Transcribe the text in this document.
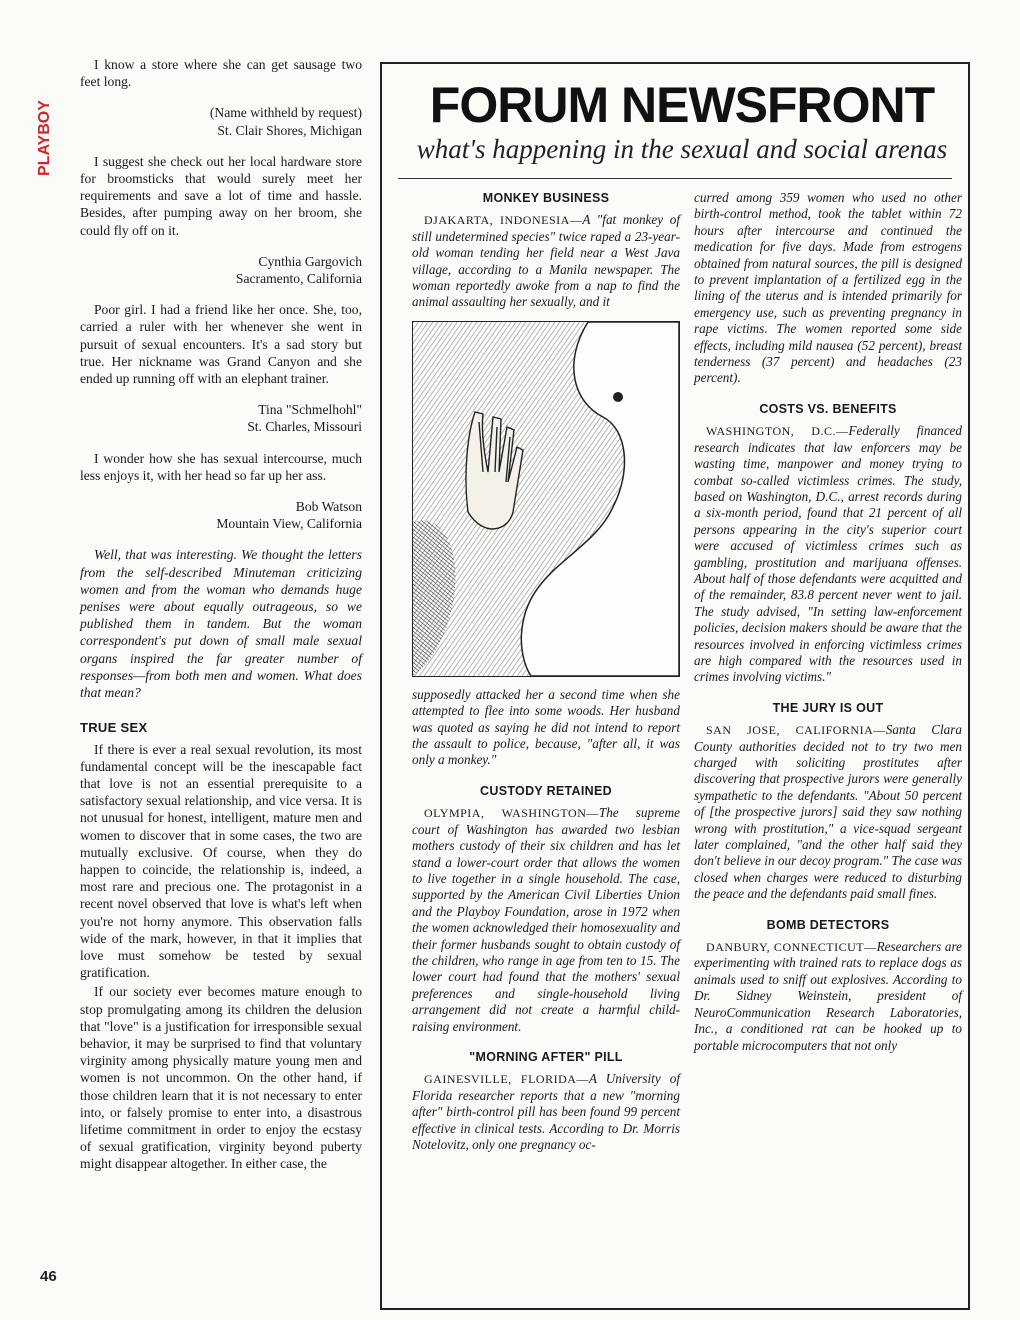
PLAYBOY
46

I know a store where she can get sausage two feet long.

(Name withheld by request)
St. Clair Shores, Michigan

I suggest she check out her local hardware store for broomsticks that would surely meet her requirements and save a lot of time and hassle. Besides, after pumping away on her broom, she could fly off on it.

Cynthia Gargovich
Sacramento, California

Poor girl. I had a friend like her once. She, too, carried a ruler with her whenever she went in pursuit of sexual encounters. It's a sad story but true. Her nickname was Grand Canyon and she ended up running off with an elephant trainer.

Tina "Schmelhohl"
St. Charles, Missouri

I wonder how she has sexual intercourse, much less enjoys it, with her head so far up her ass.

Bob Watson
Mountain View, California

Well, that was interesting. We thought the letters from the self-described Minuteman criticizing women and from the woman who demands huge penises were about equally outrageous, so we published them in tandem. But the woman correspondent's put down of small male sexual organs inspired the far greater number of responses—from both men and women. What does that mean?

TRUE SEX

If there is ever a real sexual revolution, its most fundamental concept will be the inescapable fact that love is not an essential prerequisite to a satisfactory sexual relationship, and vice versa. It is not unusual for honest, intelligent, mature men and women to discover that in some cases, the two are mutually exclusive. Of course, when they do happen to coincide, the relationship is, indeed, a most rare and precious one. The protagonist in a recent novel observed that love is what's left when you're not horny anymore. This observation falls wide of the mark, however, in that it implies that love must somehow be tested by sexual gratification.

If our society ever becomes mature enough to stop promulgating among its children the delusion that "love" is a justification for irresponsible sexual behavior, it may be surprised to find that voluntary virginity among physically mature young men and women is not uncommon. On the other hand, if those children learn that it is not necessary to enter into, or falsely promise to enter into, a disastrous lifetime commitment in order to enjoy the ecstasy of sexual gratification, virginity beyond puberty might disappear altogether. In either case, the

FORUM NEWSFRONT
what's happening in the sexual and social arenas
MONKEY BUSINESS

DJAKARTA, INDONESIA—A "fat monkey of still undetermined species" twice raped a 23-year-old woman tending her field near a West Java village, according to a Manila newspaper. The woman reportedly awoke from a nap to find the animal assaulting her sexually, and it

supposedly attacked her a second time when she attempted to flee into some woods. Her husband was quoted as saying he did not intend to report the assault to police, because, "after all, it was only a monkey."

CUSTODY RETAINED

OLYMPIA, WASHINGTON—The supreme court of Washington has awarded two lesbian mothers custody of their six children and has let stand a lower-court order that allows the women to live together in a single household. The case, supported by the American Civil Liberties Union and the Playboy Foundation, arose in 1972 when the women acknowledged their homosexuality and their former husbands sought to obtain custody of the children, who range in age from ten to 15. The lower court had found that the mothers' sexual preferences and single-household living arrangement did not create a harmful child-raising environment.

"MORNING AFTER" PILL

GAINESVILLE, FLORIDA—A University of Florida researcher reports that a new "morning after" birth-control pill has been found 99 percent effective in clinical tests. According to Dr. Morris Notelovitz, only one pregnancy oc-

curred among 359 women who used no other birth-control method, took the tablet within 72 hours after intercourse and continued the medication for five days. Made from estrogens obtained from natural sources, the pill is designed to prevent implantation of a fertilized egg in the lining of the uterus and is intended primarily for emergency use, such as preventing pregnancy in rape victims. The women reported some side effects, including mild nausea (52 percent), breast tenderness (37 percent) and headaches (23 percent).

COSTS VS. BENEFITS

WASHINGTON, D.C.—Federally financed research indicates that law enforcers may be wasting time, manpower and money trying to combat so-called victimless crimes. The study, based on Washington, D.C., arrest records during a six-month period, found that 21 percent of all persons appearing in the city's superior court were accused of victimless crimes such as gambling, prostitution and marijuana offenses. About half of those defendants were acquitted and of the remainder, 83.8 percent never went to jail. The study advised, "In setting law-enforcement policies, decision makers should be aware that the resources involved in enforcing victimless crimes are high compared with the resources used in crimes involving victims."

THE JURY IS OUT

SAN JOSE, CALIFORNIA—Santa Clara County authorities decided not to try two men charged with soliciting prostitutes after discovering that prospective jurors were generally sympathetic to the defendants. "About 50 percent of [the prospective jurors] said they saw nothing wrong with prostitution," a vice-squad sergeant later complained, "and the other half said they don't believe in our decoy program." The case was closed when charges were reduced to disturbing the peace and the defendants paid small fines.

BOMB DETECTORS

DANBURY, CONNECTICUT—Researchers are experimenting with trained rats to replace dogs as animals used to sniff out explosives. According to Dr. Sidney Weinstein, president of NeuroCommunication Research Laboratories, Inc., a conditioned rat can be hooked up to portable microcomputers that not only
